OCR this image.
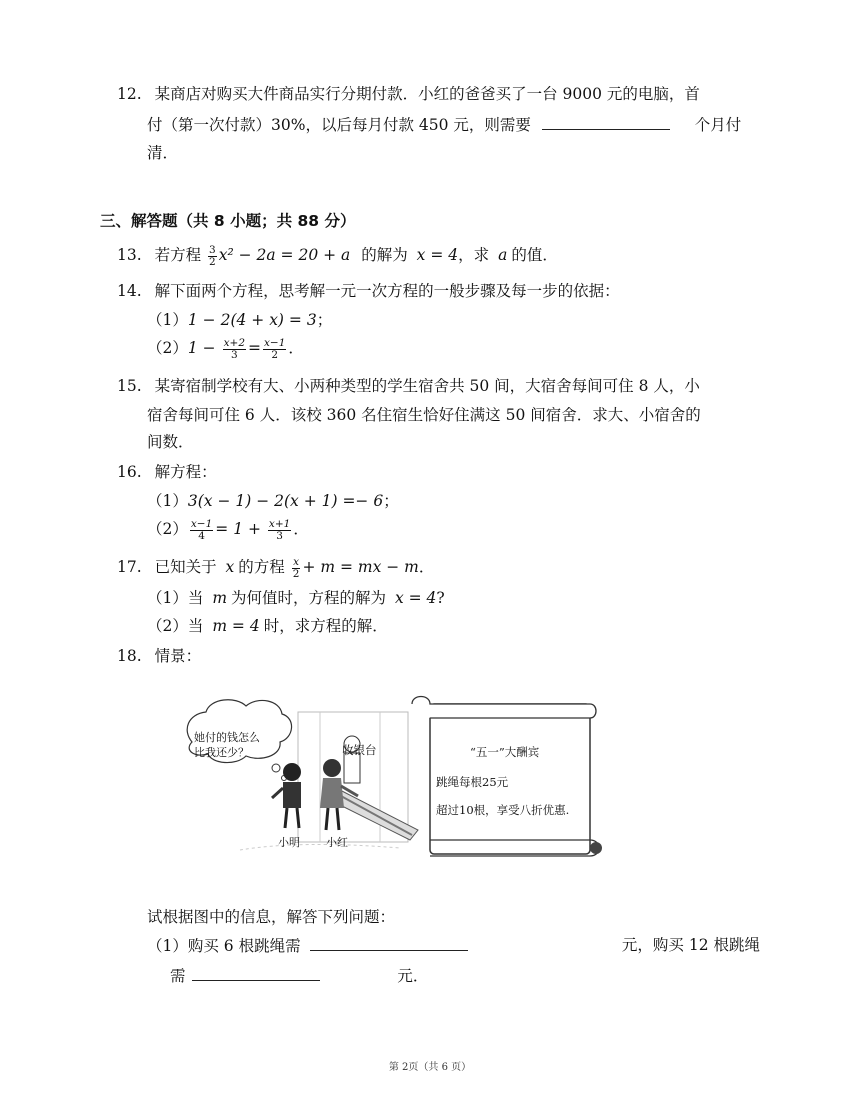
12. 某商店对购买大件商品实行分期付款．小红的爸爸买了一台 9000 元的电脑，首
付（第一次付款）30%，以后每月付款 450 元，则需要	个月付
清．
三、解答题（共 8 小题；共 88 分）
13. 若方程 $\frac{3}{2} x^2 - 2a = 20 + a$ 的解为 x = 4，求 a 的值．
14. 解下面两个方程，思考解一元一次方程的一般步骤及每一步的依据：
（1）1 − 2(4 + x) = 3；
$(2)1 - \frac{x+2}{3} = \frac{x-1}{2}$ ．
15. 某寄宿制学校有大、小两种类型的学生宿舍共 50 间，大宿舍每间可住 8 人，小
宿舍每间可住 6 人．该校 360 名住宿生恰好住满这 50 间宿舍．求大、小宿舍的
间数．
16. 解方程：
（1）3(x − 1) − 2(x + 1) =− 6；
$(2) \frac{x-1}{4} = 1 + \frac{x+1}{3}$ ．
17. 已知关于 x 的方程 $\frac{x}{2} + m$ = mx − m．
（1）当 m 为何值时，方程的解为 x = 4?
（2）当 m = 4 时，求方程的解．
18. 情景：
她付的钱怎么
比我还少？	收银台
小明 小红
“五一”大酬宾
跳绳每根25元
超过10根，享受八折优惠.
试根据图中的信息，解答下列问题：
（1）购买 6 根跳绳需	元，购买 12 根跳绳
需	元．
第 2页（共 6 页）
